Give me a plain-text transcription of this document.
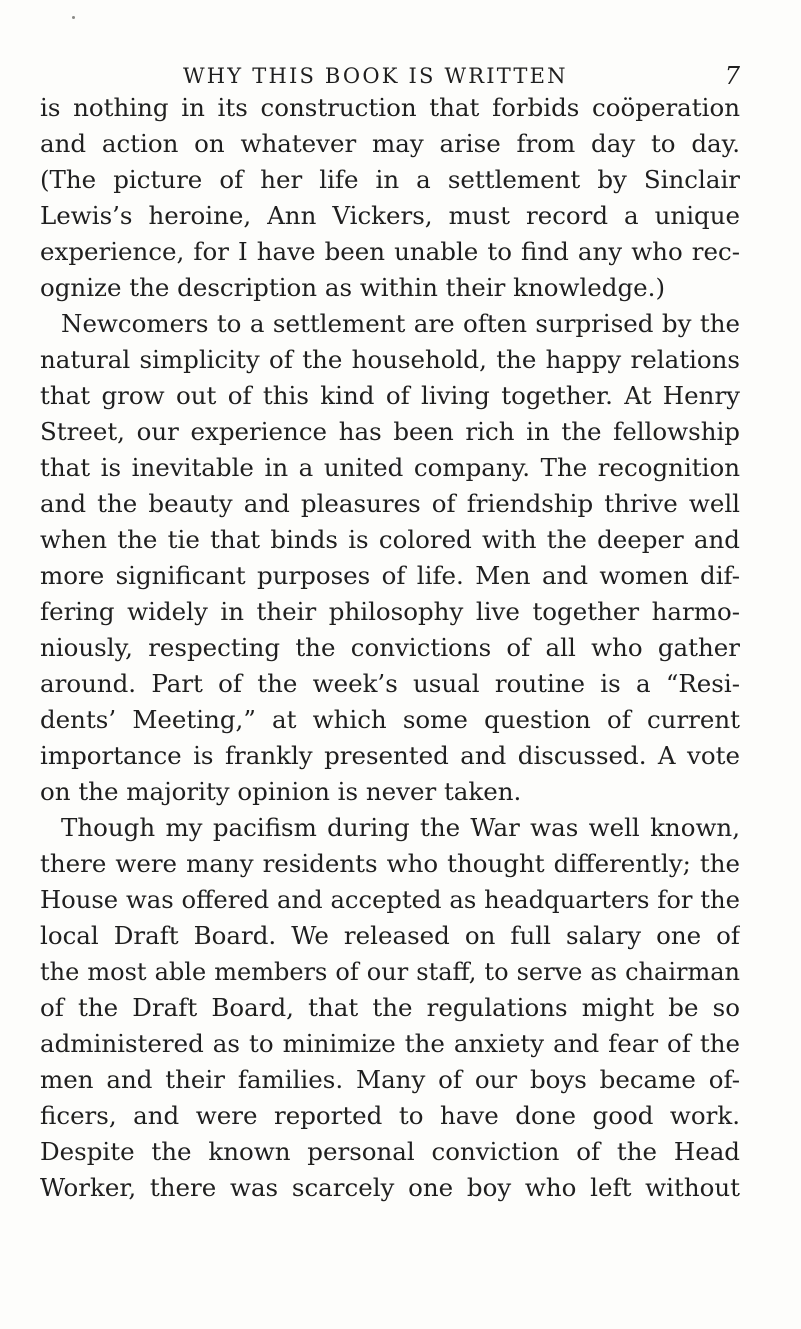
WHY THIS BOOK IS WRITTEN	7
is nothing in its construction that forbids coöperation
and action on whatever may arise from day to day.
(The picture of her life in a settlement by Sinclair
Lewis’s heroine, Ann Vickers, must record a unique
experience, for I have been unable to find any who rec-
ognize the description as within their knowledge.)
Newcomers to a settlement are often surprised by the
natural simplicity of the household, the happy relations
that grow out of this kind of living together. At Henry
Street, our experience has been rich in the fellowship
that is inevitable in a united company. The recognition
and the beauty and pleasures of friendship thrive well
when the tie that binds is colored with the deeper and
more significant purposes of life. Men and women dif-
fering widely in their philosophy live together harmo-
niously, respecting the convictions of all who gather
around. Part of the week’s usual routine is a “Resi-
dents’ Meeting,” at which some question of current
importance is frankly presented and discussed. A vote
on the majority opinion is never taken.
Though my pacifism during the War was well known,
there were many residents who thought differently; the
House was offered and accepted as headquarters for the
local Draft Board. We released on full salary one of
the most able members of our staff, to serve as chairman
of the Draft Board, that the regulations might be so
administered as to minimize the anxiety and fear of the
men and their families. Many of our boys became of-
ficers, and were reported to have done good work.
Despite the known personal conviction of the Head
Worker, there was scarcely one boy who left without
